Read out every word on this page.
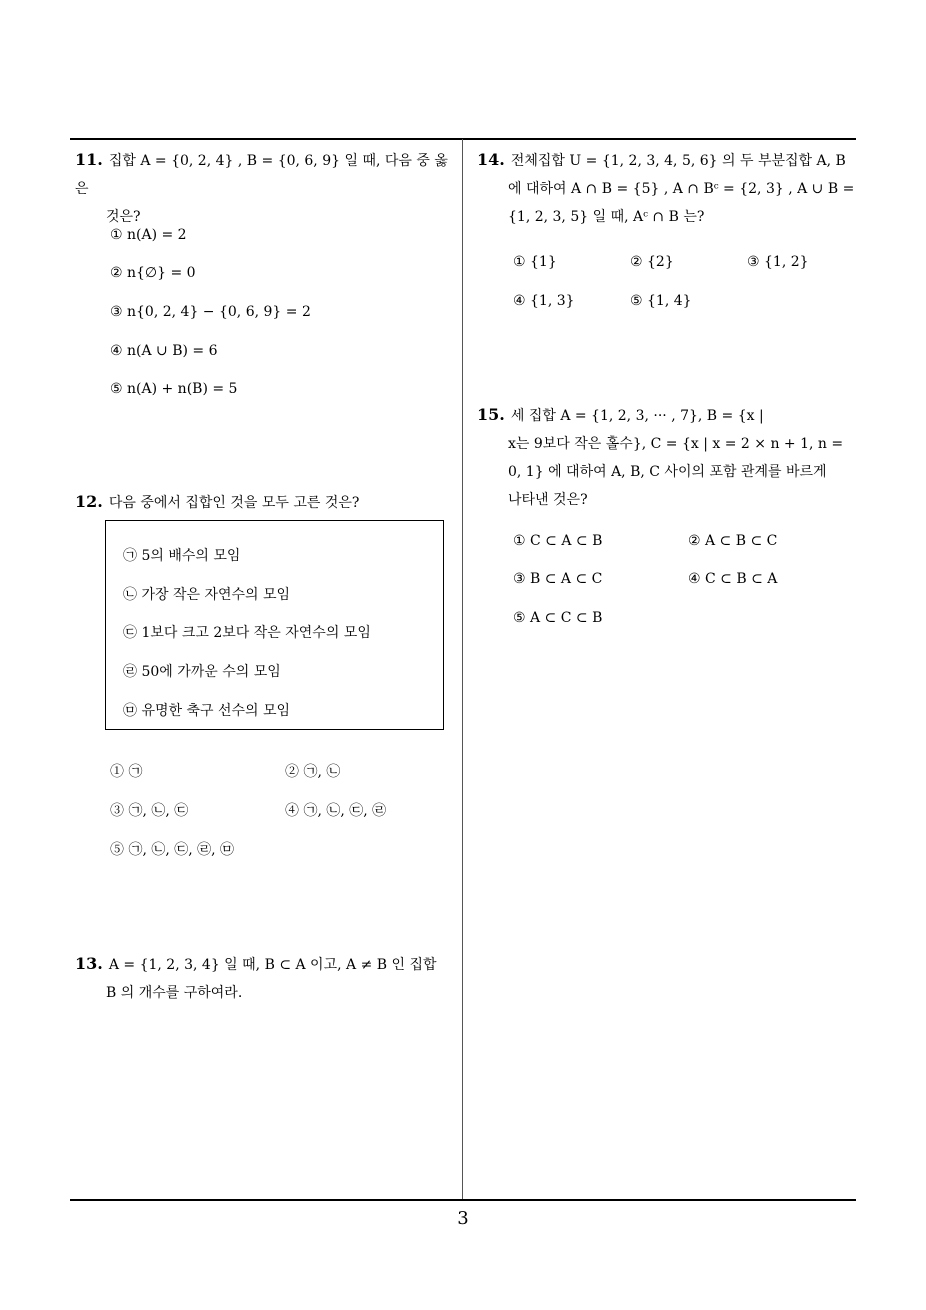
11. 집합 A = {0, 2, 4} , B = {0, 6, 9} 일 때, 다음 중 옳은
것은?
① n(A) = 2
② n{∅} = 0
③ n{0, 2, 4} − {0, 6, 9} = 2
④ n(A ∪ B) = 6
⑤ n(A) + n(B) = 5
12. 다음 중에서 집합인 것을 모두 고른 것은?
㉠ 5의 배수의 모임
㉡ 가장 작은 자연수의 모임
㉢ 1보다 크고 2보다 작은 자연수의 모임
㉣ 50에 가까운 수의 모임
㉤ 유명한 축구 선수의 모임
① ㉠	② ㉠, ㉡
③ ㉠, ㉡, ㉢	④ ㉠, ㉡, ㉢, ㉣
⑤ ㉠, ㉡, ㉢, ㉣, ㉤
13. A = {1, 2, 3, 4} 일 때, B ⊂ A 이고, A ≠ B 인 집합
B 의 개수를 구하여라.
14. 전체집합 U = {1, 2, 3, 4, 5, 6} 의 두 부분집합 A, B
에 대하여 A ∩ B = {5} , A ∩ Bᶜ = {2, 3} , A ∪ B =
{1, 2, 3, 5} 일 때, Aᶜ ∩ B 는?
① {1}	② {2}	③ {1, 2}
④ {1, 3}	⑤ {1, 4}
15. 세 집합 A = {1, 2, 3, ··· , 7}, B = {x |
x는 9보다 작은 홀수}, C = {x | x = 2 × n + 1, n =
0, 1} 에 대하여 A, B, C 사이의 포함 관계를 바르게
나타낸 것은?
① C ⊂ A ⊂ B	② A ⊂ B ⊂ C
③ B ⊂ A ⊂ C	④ C ⊂ B ⊂ A
⑤ A ⊂ C ⊂ B
3
